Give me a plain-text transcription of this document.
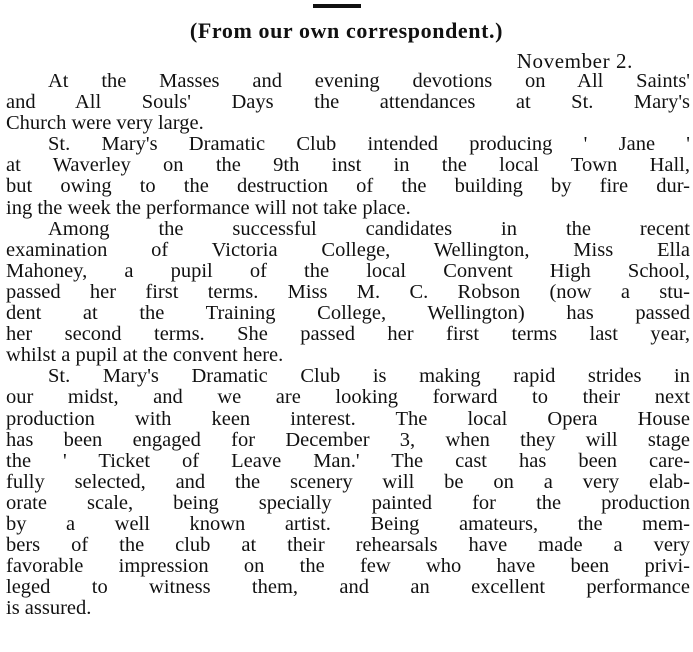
(From our own correspondent.)
November 2.
At the Masses and evening devotions on All Saints'
and All Souls' Days the attendances at St. Mary's
Church were very large.
St. Mary's Dramatic Club intended producing ' Jane '
at Waverley on the 9th inst in the local Town Hall,
but owing to the destruction of the building by fire dur-
ing the week the performance will not take place.
Among the successful candidates in the recent
examination of Victoria College, Wellington, Miss Ella
Mahoney, a pupil of the local Convent High School,
passed her first terms. Miss M. C. Robson (now a stu-
dent at the Training College, Wellington) has passed
her second terms. She passed her first terms last year,
whilst a pupil at the convent here.
St. Mary's Dramatic Club is making rapid strides in
our midst, and we are looking forward to their next
production with keen interest. The local Opera House
has been engaged for December 3, when they will stage
the ' Ticket of Leave Man.' The cast has been care-
fully selected, and the scenery will be on a very elab-
orate scale, being specially painted for the production
by a well known artist. Being amateurs, the mem-
bers of the club at their rehearsals have made a very
favorable impression on the few who have been privi-
leged to witness them, and an excellent performance
is assured.
